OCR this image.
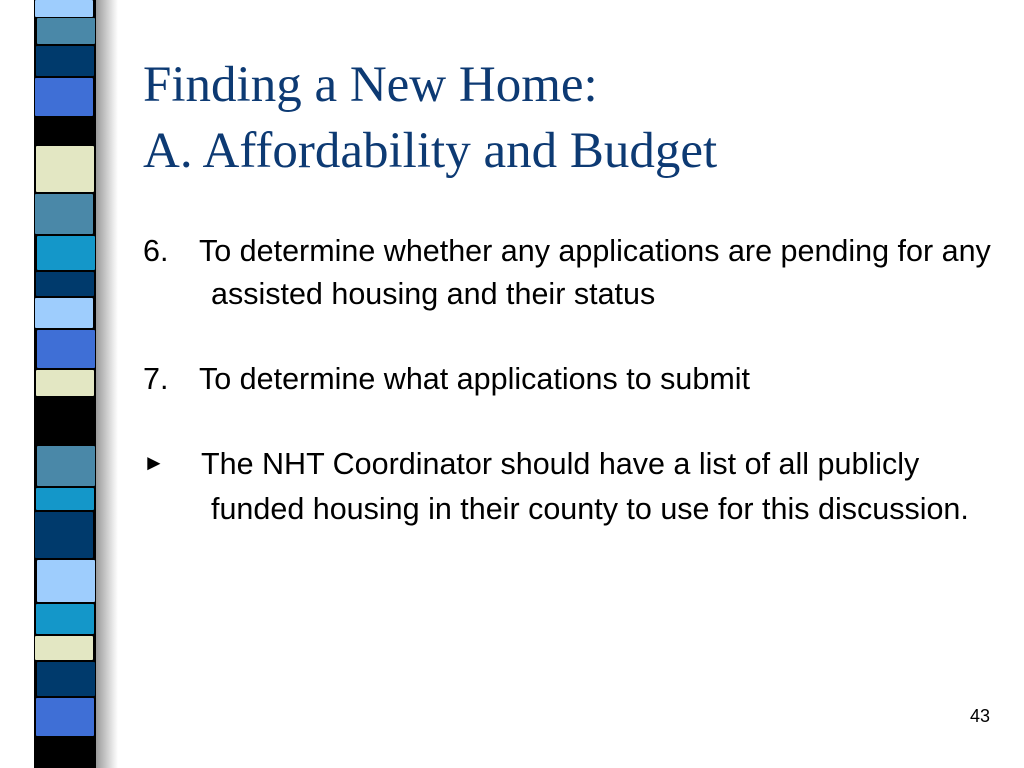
Finding a New Home:
A. Affordability and Budget

6. To determine whether any applications are pending for any assisted housing and their status

7. To determine what applications to submit

► The NHT Coordinator should have a list of all publicly funded housing in their county to use for this discussion.

43
